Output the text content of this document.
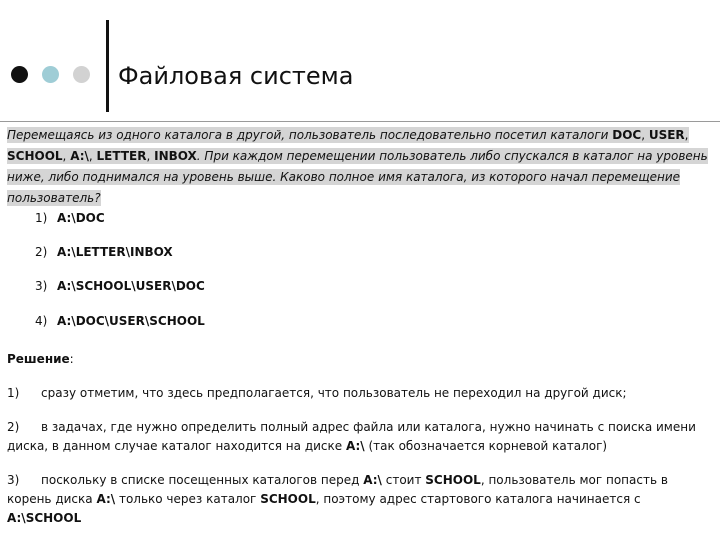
Файловая система
Перемещаясь из одного каталога в другой, пользователь последовательно посетил каталоги DOC, USER, SCHOOL, A:\, LETTER, INBOX. При каждом перемещении пользователь либо спускался в каталог на уровень ниже, либо поднимался на уровень выше. Каково полное имя каталога, из которого начал перемещение пользователь?
1) A:\DOC
2) A:\LETTER\INBOX
3) A:\SCHOOL\USER\DOC
4) A:\DOC\USER\SCHOOL
Решение:
1) сразу отметим, что здесь предполагается, что пользователь не переходил на другой диск;
2) в задачах, где нужно определить полный адрес файла или каталога, нужно начинать с поиска имени диска, в данном случае каталог находится на диске A:\ (так обозначается корневой каталог)
3) поскольку в списке посещенных каталогов перед A:\ стоит SCHOOL, пользователь мог попасть в корень диска A:\ только через каталог SCHOOL, поэтому адрес стартового каталога начинается с A:\SCHOOL
